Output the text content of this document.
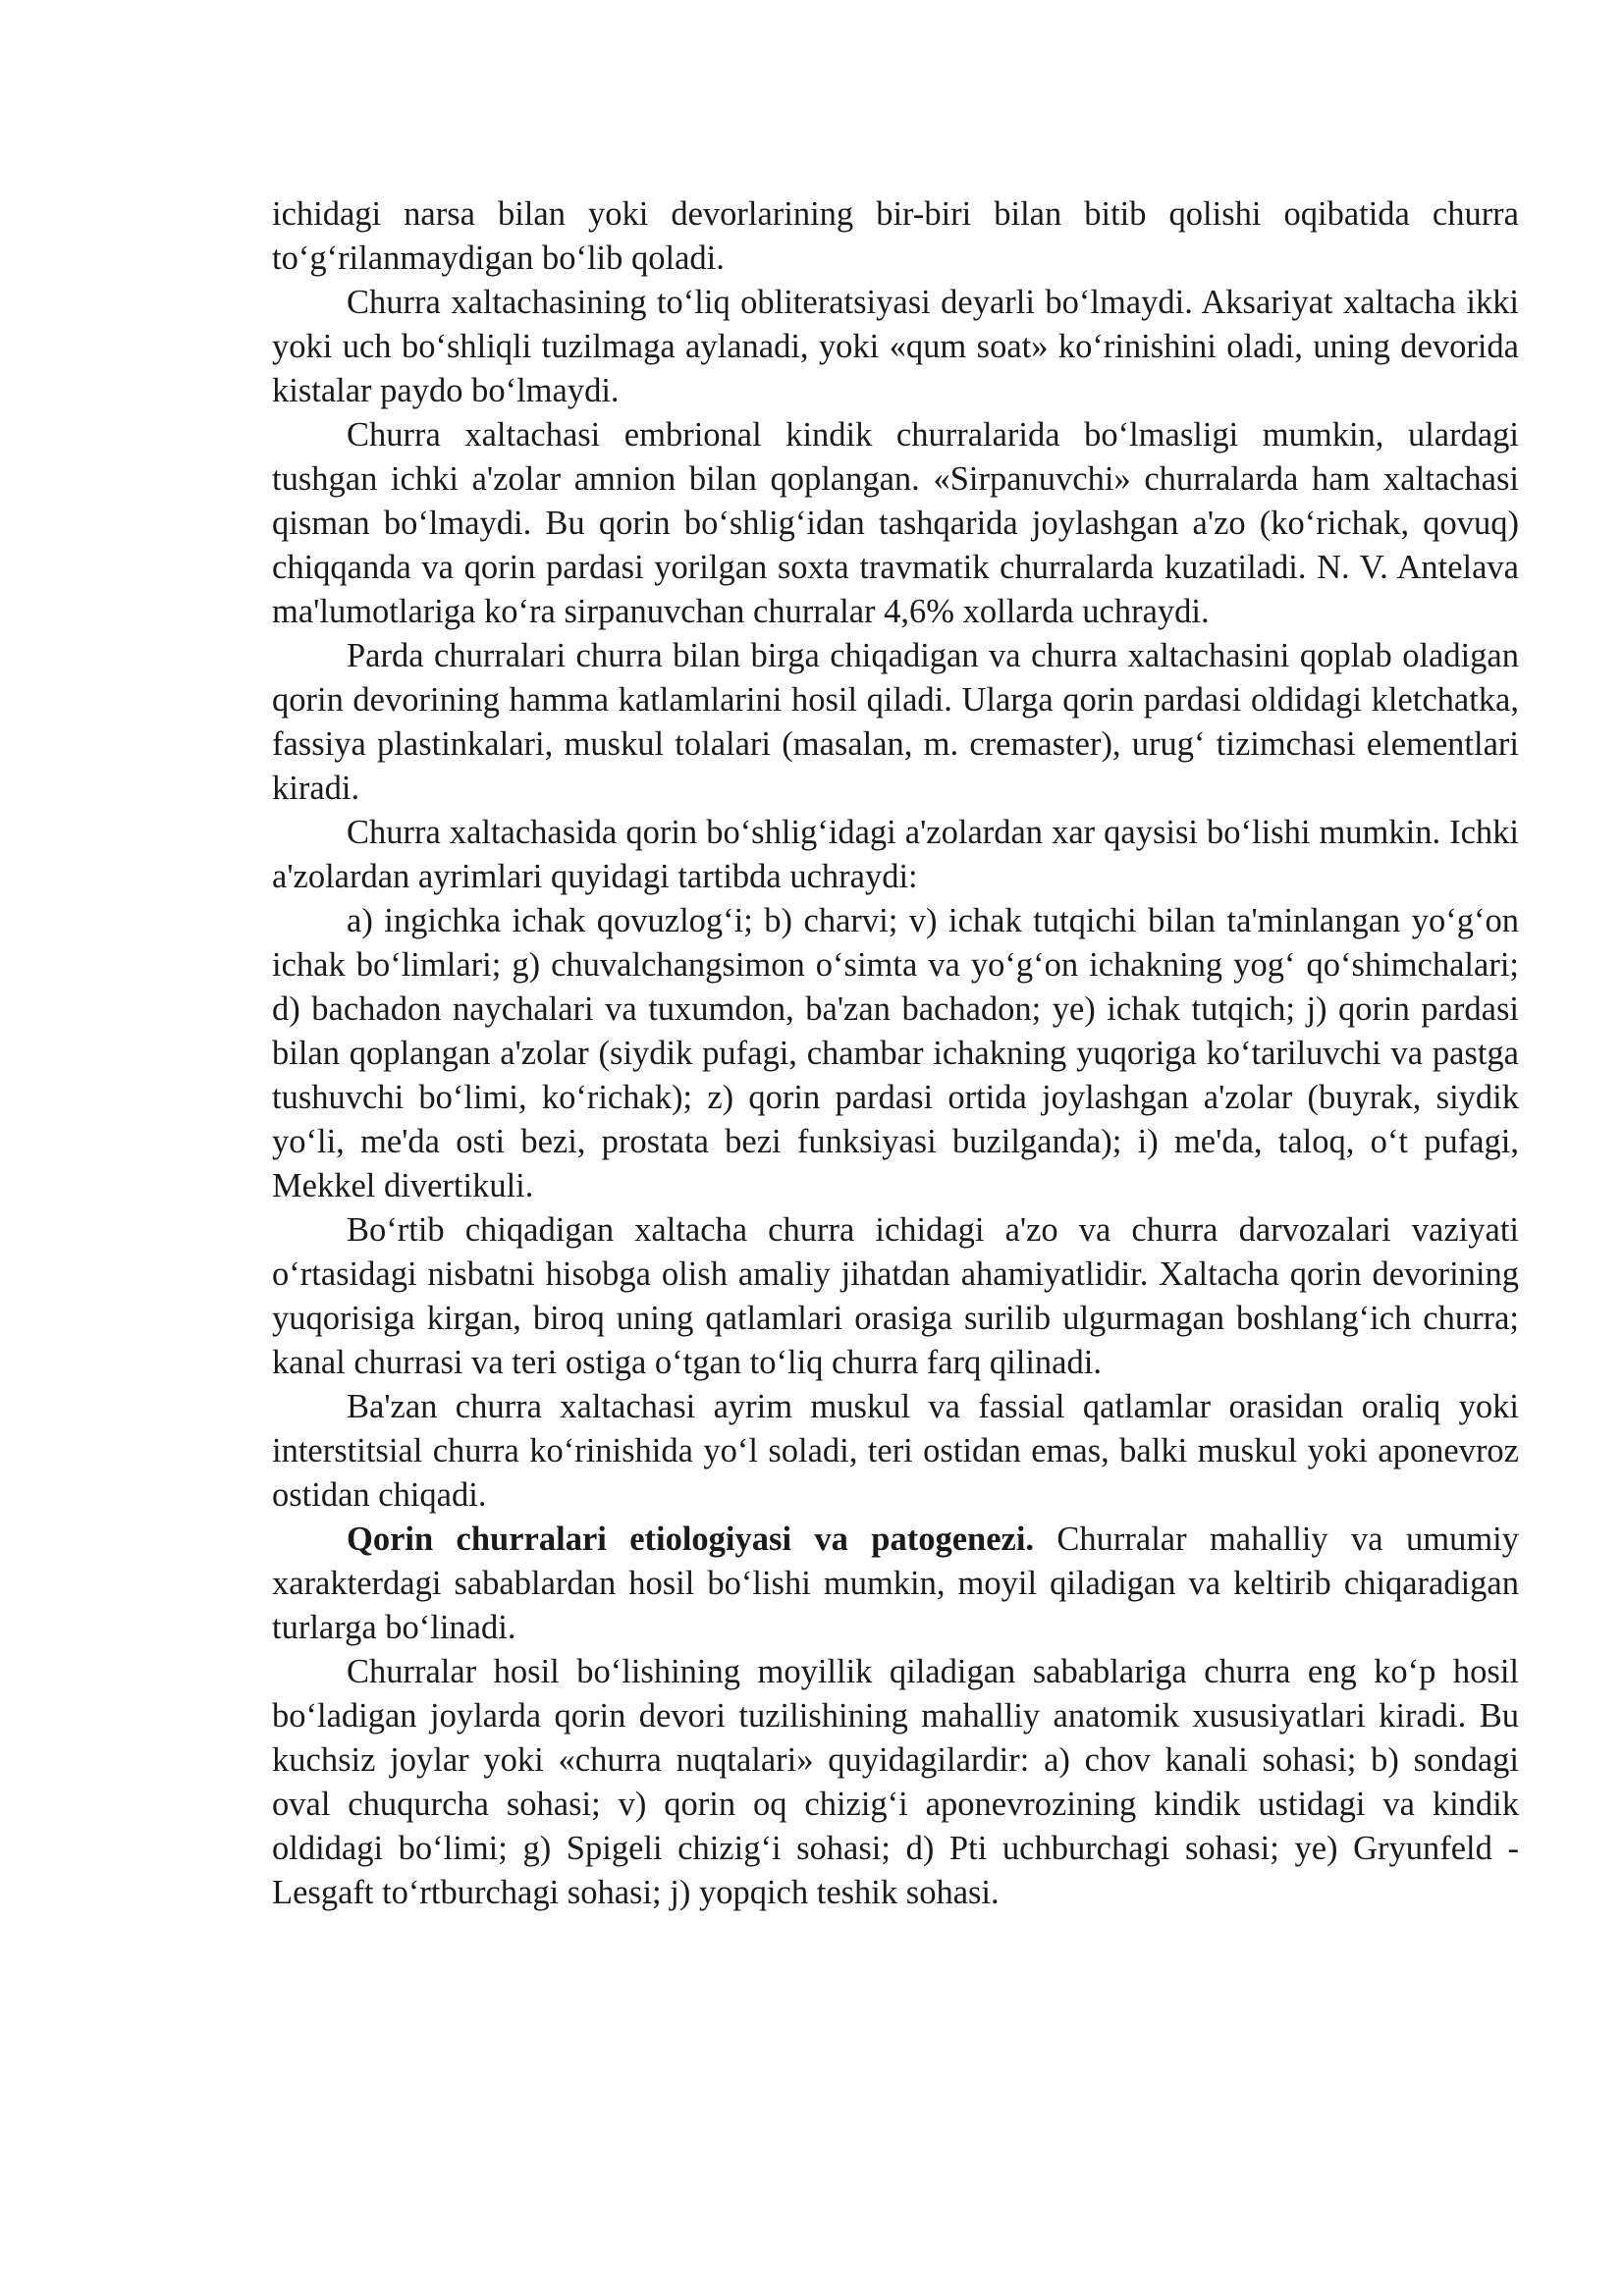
ichidagi narsa bilan yoki devorlarining bir-biri bilan bitib qolishi oqibatida churra to‘g‘rilanmaydigan bo‘lib qoladi.

Churra xaltachasining to‘liq obliteratsiyasi deyarli bo‘lmaydi. Aksariyat xaltacha ikki yoki uch bo‘shliqli tuzilmaga aylanadi, yoki «qum soat» ko‘rinishini oladi, uning devorida kistalar paydo bo‘lmaydi.

Churra xaltachasi embrional kindik churralarida bo‘lmasligi mumkin, ulardagi tushgan ichki a'zolar amnion bilan qoplangan. «Sirpanuvchi» churralarda ham xaltachasi qisman bo‘lmaydi. Bu qorin bo‘shlig‘idan tashqarida joylashgan a'zo (ko‘richak, qovuq) chiqqanda va qorin pardasi yorilgan soxta travmatik churralarda kuzatiladi. N. V. Antelava ma'lumotlariga ko‘ra sirpanuvchan churralar 4,6% xollarda uchraydi.

Parda churralari churra bilan birga chiqadigan va churra xaltachasini qoplab oladigan qorin devorining hamma katlamlarini hosil qiladi. Ularga qorin pardasi oldidagi kletchatka, fassiya plastinkalari, muskul tolalari (masalan, m. cremaster), urug‘ tizimchasi elementlari kiradi.

Churra xaltachasida qorin bo‘shlig‘idagi a'zolardan xar qaysisi bo‘lishi mumkin. Ichki a'zolardan ayrimlari quyidagi tartibda uchraydi:

a) ingichka ichak qovuzlog‘i; b) charvi; v) ichak tutqichi bilan ta'minlangan yo‘g‘on ichak bo‘limlari; g) chuvalchangsimon o‘simta va yo‘g‘on ichakning yog‘ qo‘shimchalari; d) bachadon naychalari va tuxumdon, ba'zan bachadon; ye) ichak tutqich; j) qorin pardasi bilan qoplangan a'zolar (siydik pufagi, chambar ichakning yuqoriga ko‘tariluvchi va pastga tushuvchi bo‘limi, ko‘richak); z) qorin pardasi ortida joylashgan a'zolar (buyrak, siydik yo‘li, me'da osti bezi, prostata bezi funksiyasi buzilganda); i) me'da, taloq, o‘t pufagi, Mekkel divertikuli.

Bo‘rtib chiqadigan xaltacha churra ichidagi a'zo va churra darvozalari vaziyati o‘rtasidagi nisbatni hisobga olish amaliy jihatdan ahamiyatlidir. Xaltacha qorin devorining yuqorisiga kirgan, biroq uning qatlamlari orasiga surilib ulgurmagan boshlang‘ich churra; kanal churrasi va teri ostiga o‘tgan to‘liq churra farq qilinadi.

Ba'zan churra xaltachasi ayrim muskul va fassial qatlamlar orasidan oraliq yoki interstitsial churra ko‘rinishida yo‘l soladi, teri ostidan emas, balki muskul yoki aponevroz ostidan chiqadi.

Qorin churralari etiologiyasi va patogenezi. Churralar mahalliy va umumiy xarakterdagi sabablardan hosil bo‘lishi mumkin, moyil qiladigan va keltirib chiqaradigan turlarga bo‘linadi.

Churralar hosil bo‘lishining moyillik qiladigan sabablariga churra eng ko‘p hosil bo‘ladigan joylarda qorin devori tuzilishining mahalliy anatomik xususiyatlari kiradi. Bu kuchsiz joylar yoki «churra nuqtalari» quyidagilardir: a) chov kanali sohasi; b) sondagi oval chuqurcha sohasi; v) qorin oq chizig‘i aponevrozining kindik ustidagi va kindik oldidagi bo‘limi; g) Spigeli chizig‘i sohasi; d) Pti uchburchagi sohasi; ye) Gryunfeld - Lesgaft to‘rtburchagi sohasi; j) yopqich teshik sohasi.
